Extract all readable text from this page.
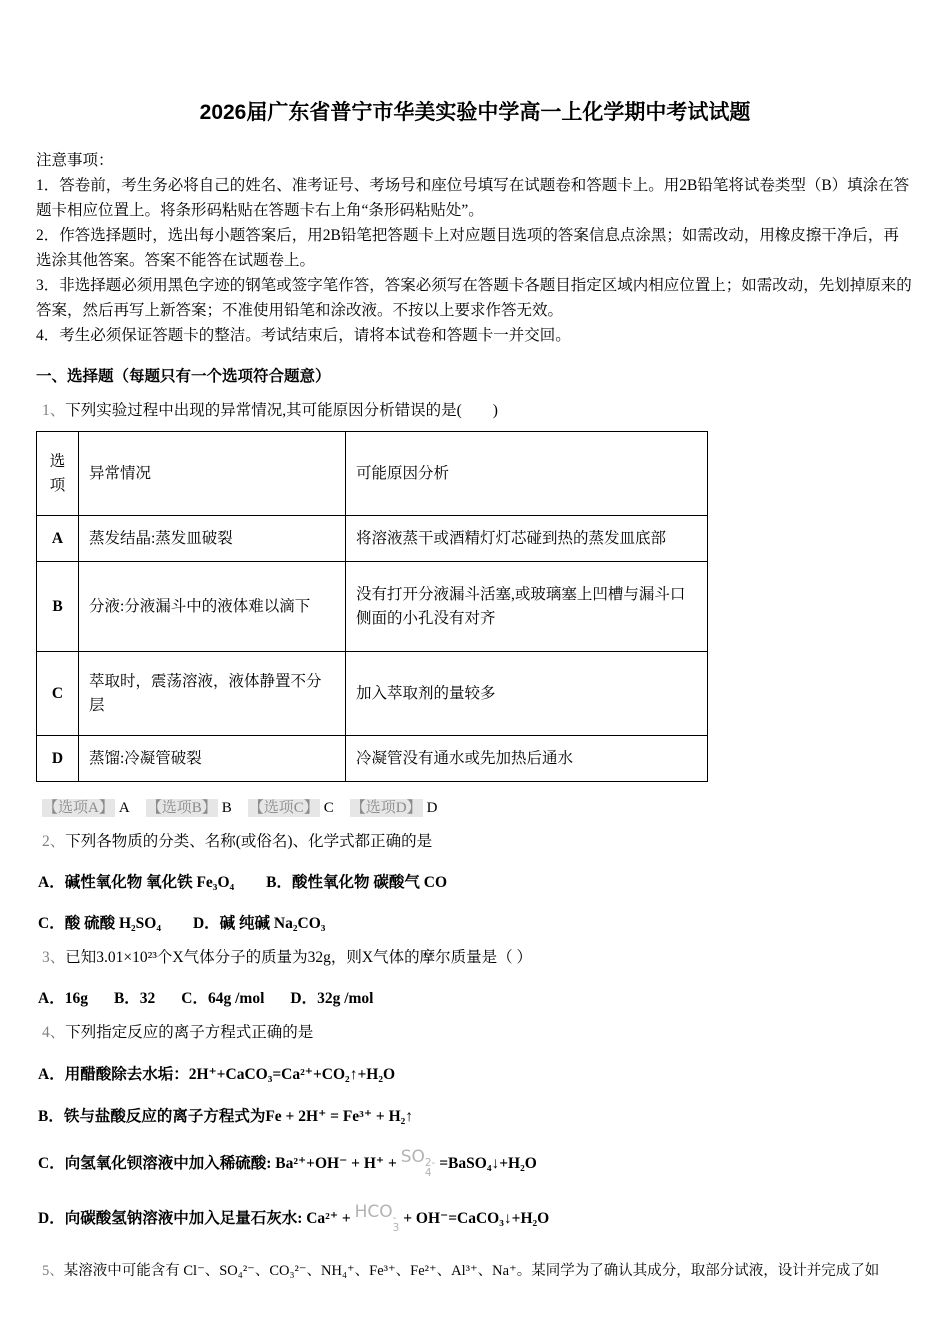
2026届广东省普宁市华美实验中学高一上化学期中考试试题

注意事项：

1．答卷前，考生务必将自己的姓名、准考证号、考场号和座位号填写在试题卷和答题卡上。用2B铅笔将试卷类型（B）填涂在答题卡相应位置上。将条形码粘贴在答题卡右上角“条形码粘贴处”。

2．作答选择题时，选出每小题答案后，用2B铅笔把答题卡上对应题目选项的答案信息点涂黑；如需改动，用橡皮擦干净后，再选涂其他答案。答案不能答在试题卷上。

3．非选择题必须用黑色字迹的钢笔或签字笔作答，答案必须写在答题卡各题目指定区域内相应位置上；如需改动，先划掉原来的答案，然后再写上新答案；不准使用铅笔和涂改液。不按以上要求作答无效。

4．考生必须保证答题卡的整洁。考试结束后，请将本试卷和答题卡一并交回。

一、选择题（每题只有一个选项符合题意）

1、下列实验过程中出现的异常情况,其可能原因分析错误的是(　　)

选项	异常情况	可能原因分析
A	蒸发结晶:蒸发皿破裂	将溶液蒸干或酒精灯灯芯碰到热的蒸发皿底部
B	分液:分液漏斗中的液体难以滴下	没有打开分液漏斗活塞,或玻璃塞上凹槽与漏斗口侧面的小孔没有对齐
C	萃取时，震荡溶液，液体静置不分层	加入萃取剂的量较多
D	蒸馏:冷凝管破裂	冷凝管没有通水或先加热后通水

【选项A】 A 【选项B】 B 【选项C】 C 【选项D】 D

2、下列各物质的分类、名称(或俗名)、化学式都正确的是

A．碱性氧化物 氧化铁 Fe₃O₄ B．酸性氧化物 碳酸气 CO
C．酸 硫酸 H₂SO₄ D．碱 纯碱 Na₂CO₃

3、已知3.01×10²³个X气体分子的质量为32g，则X气体的摩尔质量是（ ）

A．16g B．32 C．64g /mol D．32g /mol

4、下列指定反应的离子方程式正确的是

A．用醋酸除去水垢：2H⁺+CaCO₃=Ca²⁺+CO₂↑+H₂O
B．铁与盐酸反应的离子方程式为Fe + 2H⁺ = Fe³⁺ + H₂↑
C．向氢氧化钡溶液中加入稀硫酸: Ba²⁺+OH⁻ + H⁺ + SO 2-
4
=BaSO₄↓+H₂O
D．向碳酸氢钠溶液中加入足量石灰水: Ca²⁺ + HCO -
3
+ OH⁻=CaCO₃↓+H₂O

5、某溶液中可能含有 Cl⁻、SO₄²⁻、CO₃²⁻、NH₄⁺、Fe³⁺、Fe²⁺、Al³⁺、Na⁺。某同学为了确认其成分，取部分试液，设计并完成了如
